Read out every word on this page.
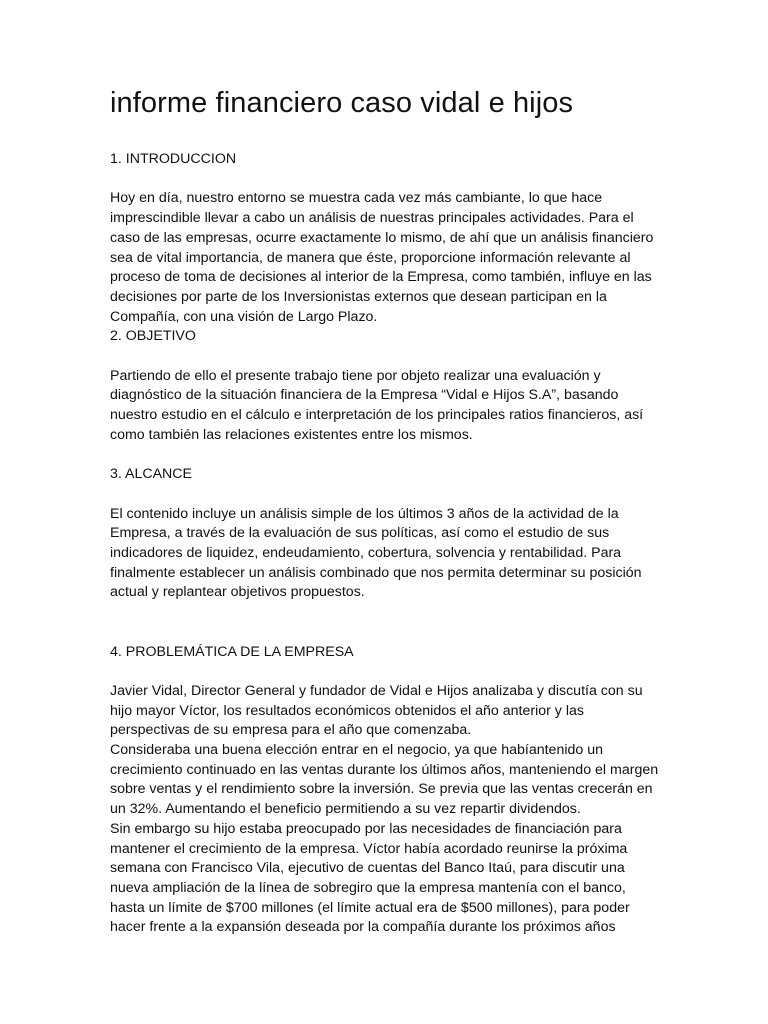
informe financiero caso vidal e hijos
1. INTRODUCCION
Hoy en día, nuestro entorno se muestra cada vez más cambiante, lo que hace
imprescindible llevar a cabo un análisis de nuestras principales actividades. Para el
caso de las empresas, ocurre exactamente lo mismo, de ahí que un análisis financiero
sea de vital importancia, de manera que éste, proporcione información relevante al
proceso de toma de decisiones al interior de la Empresa, como también, influye en las
decisiones por parte de los Inversionistas externos que desean participan en la
Compañía, con una visión de Largo Plazo.
2. OBJETIVO
Partiendo de ello el presente trabajo tiene por objeto realizar una evaluación y
diagnóstico de la situación financiera de la Empresa “Vidal e Hijos S.A”, basando
nuestro estudio en el cálculo e interpretación de los principales ratios financieros, así
como también las relaciones existentes entre los mismos.
3. ALCANCE
El contenido incluye un análisis simple de los últimos 3 años de la actividad de la
Empresa, a través de la evaluación de sus políticas, así como el estudio de sus
indicadores de liquidez, endeudamiento, cobertura, solvencia y rentabilidad. Para
finalmente establecer un análisis combinado que nos permita determinar su posición
actual y replantear objetivos propuestos.
4. PROBLEMÁTICA DE LA EMPRESA
Javier Vidal, Director General y fundador de Vidal e Hijos analizaba y discutía con su
hijo mayor Víctor, los resultados económicos obtenidos el año anterior y las
perspectivas de su empresa para el año que comenzaba.
Consideraba una buena elección entrar en el negocio, ya que habíantenido un
crecimiento continuado en las ventas durante los últimos años, manteniendo el margen
sobre ventas y el rendimiento sobre la inversión. Se previa que las ventas crecerán en
un 32%. Aumentando el beneficio permitiendo a su vez repartir dividendos.
Sin embargo su hijo estaba preocupado por las necesidades de financiación para
mantener el crecimiento de la empresa. Víctor había acordado reunirse la próxima
semana con Francisco Vila, ejecutivo de cuentas del Banco Itaú, para discutir una
nueva ampliación de la línea de sobregiro que la empresa mantenía con el banco,
hasta un límite de $700 millones (el límite actual era de $500 millones), para poder
hacer frente a la expansión deseada por la compañía durante los próximos años
